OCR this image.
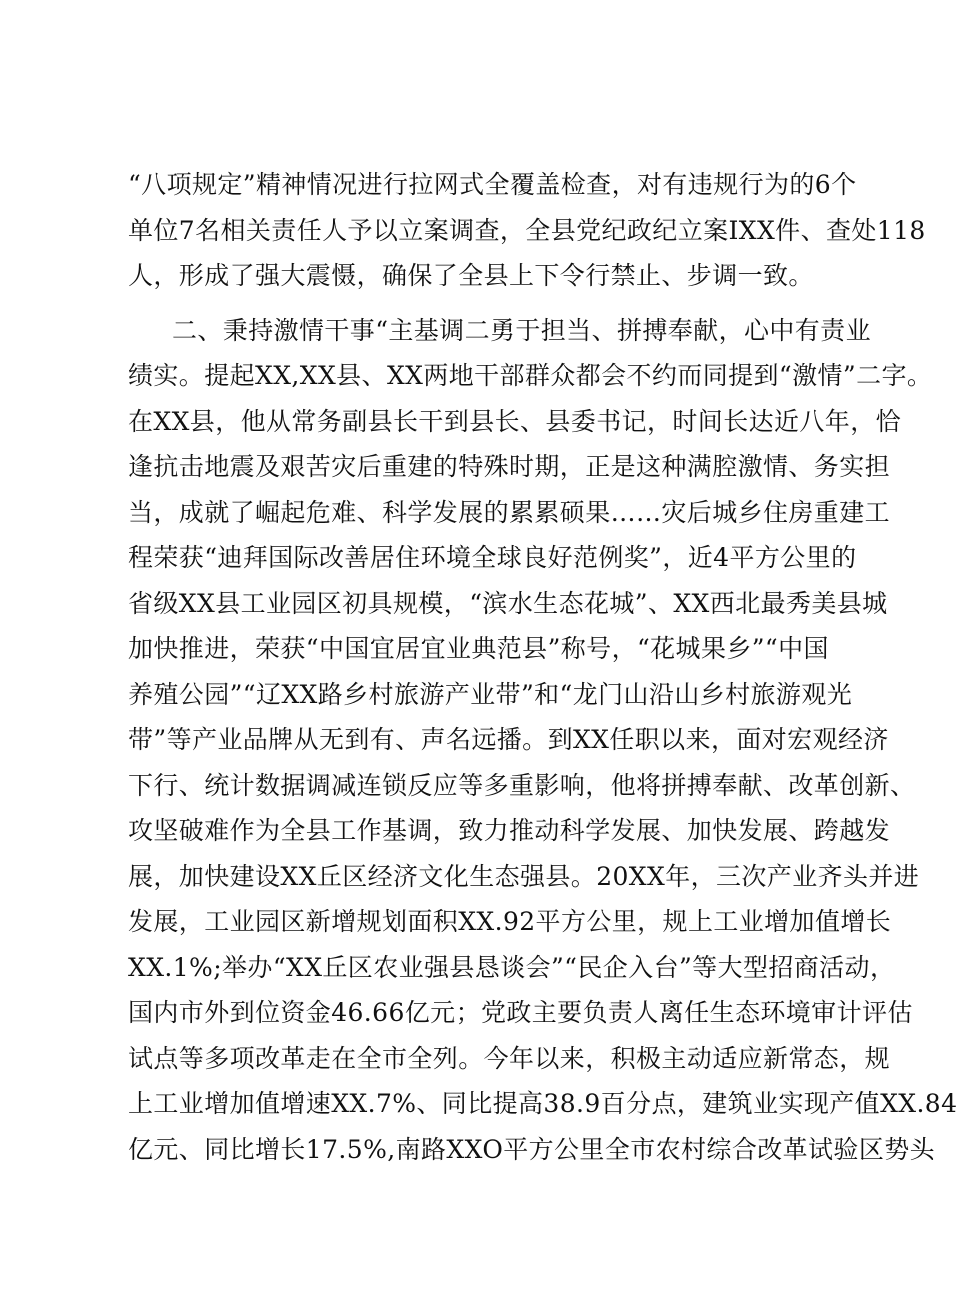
“八项规定”精神情况进行拉网式全覆盖检查，对有违规行为的6个
单位7名相关责任人予以立案调查，全县党纪政纪立案IXX件、查处118
人，形成了强大震慑，确保了全县上下令行禁止、步调一致。
二、秉持激情干事“主基调二勇于担当、拼搏奉献，心中有责业
绩实。提起XX,XX县、XX两地干部群众都会不约而同提到“激情”二字。
在XX县，他从常务副县长干到县长、县委书记，时间长达近八年，恰
逢抗击地震及艰苦灾后重建的特殊时期，正是这种满腔激情、务实担
当，成就了崛起危难、科学发展的累累硕果……灾后城乡住房重建工
程荣获“迪拜国际改善居住环境全球良好范例奖”，近4平方公里的
省级XX县工业园区初具规模，“滨水生态花城”、XX西北最秀美县城
加快推进，荣获“中国宜居宜业典范县”称号，“花城果乡”“中国
养殖公园”“辽XX路乡村旅游产业带”和“龙门山沿山乡村旅游观光
带”等产业品牌从无到有、声名远播。到XX任职以来，面对宏观经济
下行、统计数据调减连锁反应等多重影响，他将拼搏奉献、改革创新、
攻坚破难作为全县工作基调，致力推动科学发展、加快发展、跨越发
展，加快建设XX丘区经济文化生态强县。20XX年，三次产业齐头并进
发展，工业园区新增规划面积XX.92平方公里，规上工业增加值增长
XX.1%;举办“XX丘区农业强县恳谈会”“民企入台”等大型招商活动，
国内市外到位资金46.66亿元；党政主要负责人离任生态环境审计评估
试点等多项改革走在全市全列。今年以来，积极主动适应新常态，规
上工业增加值增速XX.7%、同比提高38.9百分点，建筑业实现产值XX.84
亿元、同比增长17.5%,南路XXO平方公里全市农村综合改革试验区势头
